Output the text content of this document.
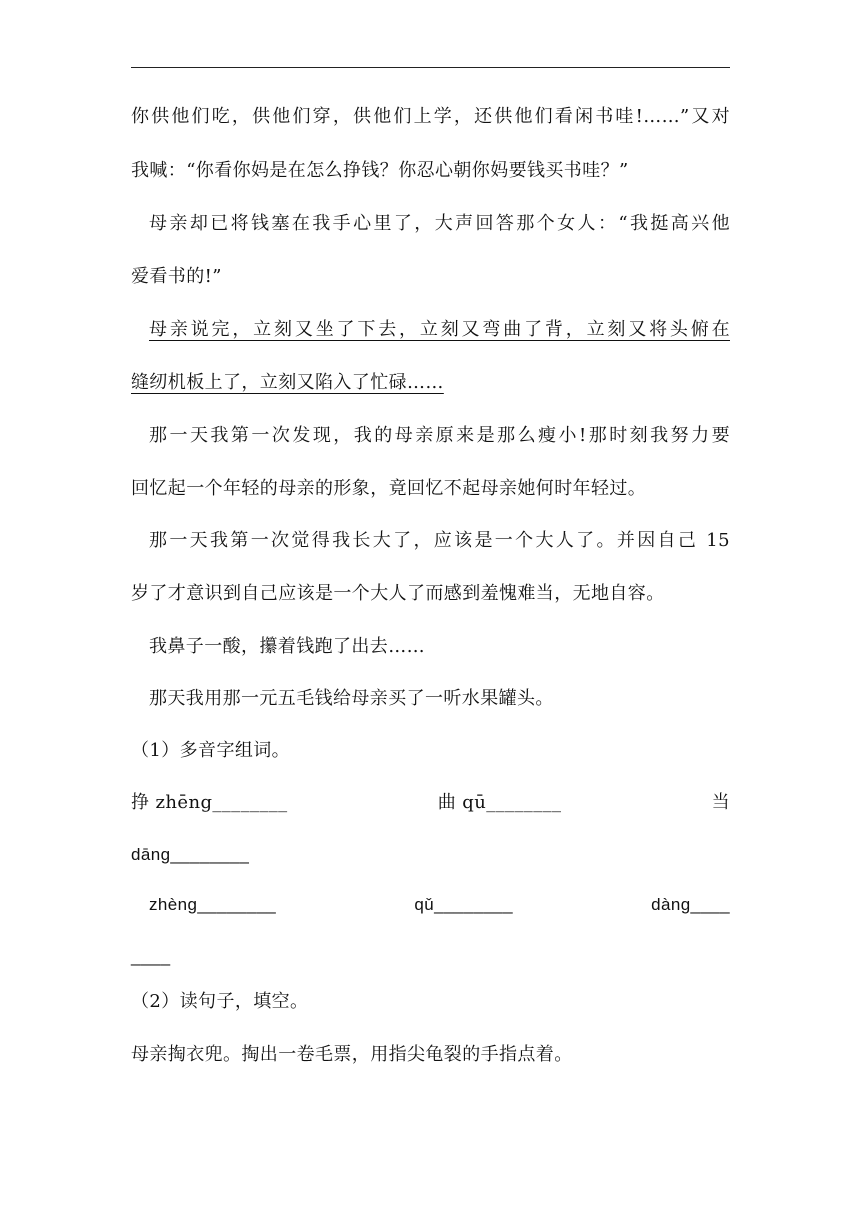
你供他们吃，供他们穿，供他们上学，还供他们看闲书哇!……”又对
我喊：“你看你妈是在怎么挣钱？你忍心朝你妈要钱买书哇？”
母亲却已将钱塞在我手心里了，大声回答那个女人：“我挺高兴他
爱看书的!”
母亲说完，立刻又坐了下去，立刻又弯曲了背，立刻又将头俯在
缝纫机板上了，立刻又陷入了忙碌……
那一天我第一次发现，我的母亲原来是那么瘦小!那时刻我努力要
回忆起一个年轻的母亲的形象，竟回忆不起母亲她何时年轻过。
那一天我第一次觉得我长大了，应该是一个大人了。并因自己 15
岁了才意识到自己应该是一个大人了而感到羞愧难当，无地自容。
我鼻子一酸，攥着钱跑了出去……
那天我用那一元五毛钱给母亲买了一听水果罐头。
（1）多音字组词。
挣 zhēng________	曲 qū________	当
dāng________
zhèng________	qǔ________	dàng____
____
（2）读句子，填空。
母亲掏衣兜。掏出一卷毛票，用指尖龟裂的手指点着。
